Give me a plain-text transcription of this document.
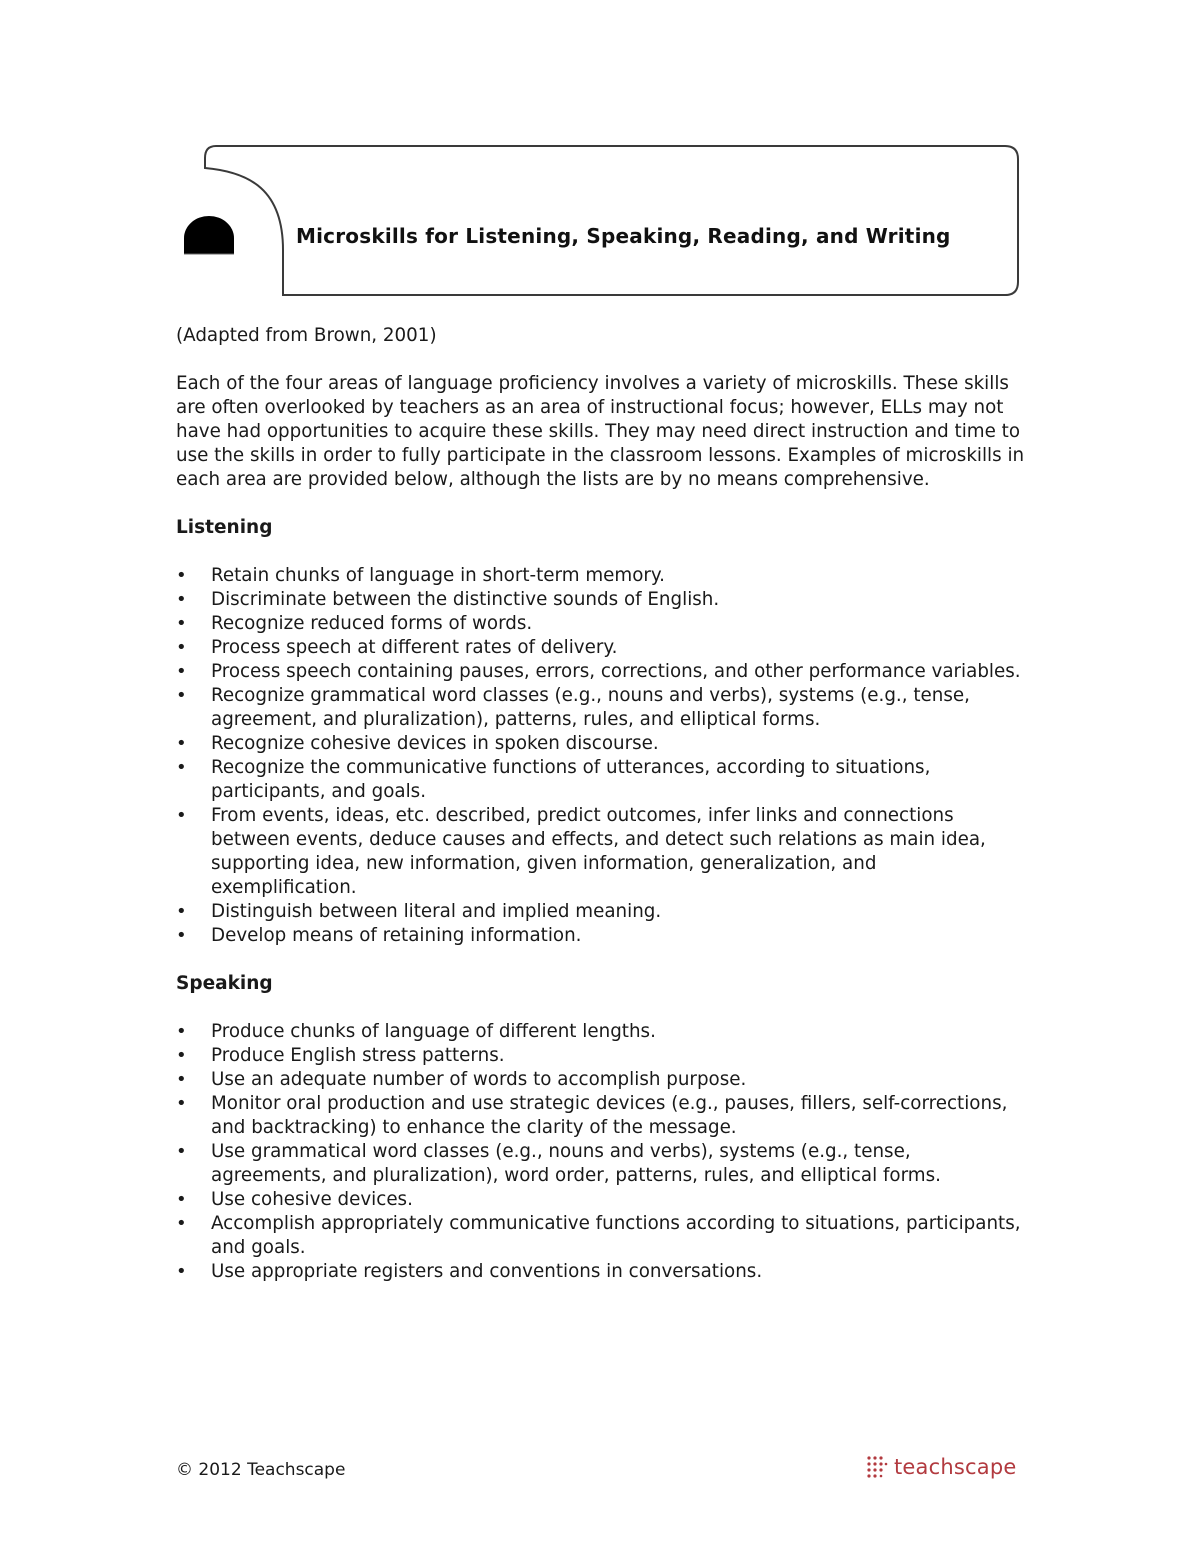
Microskills for Listening, Speaking, Reading, and Writing

(Adapted from Brown, 2001)

Each of the four areas of language proficiency involves a variety of microskills. These skills are often overlooked by teachers as an area of instructional focus; however, ELLs may not have had opportunities to acquire these skills. They may need direct instruction and time to use the skills in order to fully participate in the classroom lessons. Examples of microskills in each area are provided below, although the lists are by no means comprehensive.

Listening
• Retain chunks of language in short-term memory.
• Discriminate between the distinctive sounds of English.
• Recognize reduced forms of words.
• Process speech at different rates of delivery.
• Process speech containing pauses, errors, corrections, and other performance variables.
• Recognize grammatical word classes (e.g., nouns and verbs), systems (e.g., tense, agreement, and pluralization), patterns, rules, and elliptical forms.
• Recognize cohesive devices in spoken discourse.
• Recognize the communicative functions of utterances, according to situations, participants, and goals.
• From events, ideas, etc. described, predict outcomes, infer links and connections between events, deduce causes and effects, and detect such relations as main idea, supporting idea, new information, given information, generalization, and exemplification.
• Distinguish between literal and implied meaning.
• Develop means of retaining information.
Speaking
• Produce chunks of language of different lengths.
• Produce English stress patterns.
• Use an adequate number of words to accomplish purpose.
• Monitor oral production and use strategic devices (e.g., pauses, fillers, self-corrections, and backtracking) to enhance the clarity of the message.
• Use grammatical word classes (e.g., nouns and verbs), systems (e.g., tense, agreements, and pluralization), word order, patterns, rules, and elliptical forms.
• Use cohesive devices.
• Accomplish appropriately communicative functions according to situations, participants, and goals.
• Use appropriate registers and conventions in conversations.
© 2012 Teachscape	teachscape
